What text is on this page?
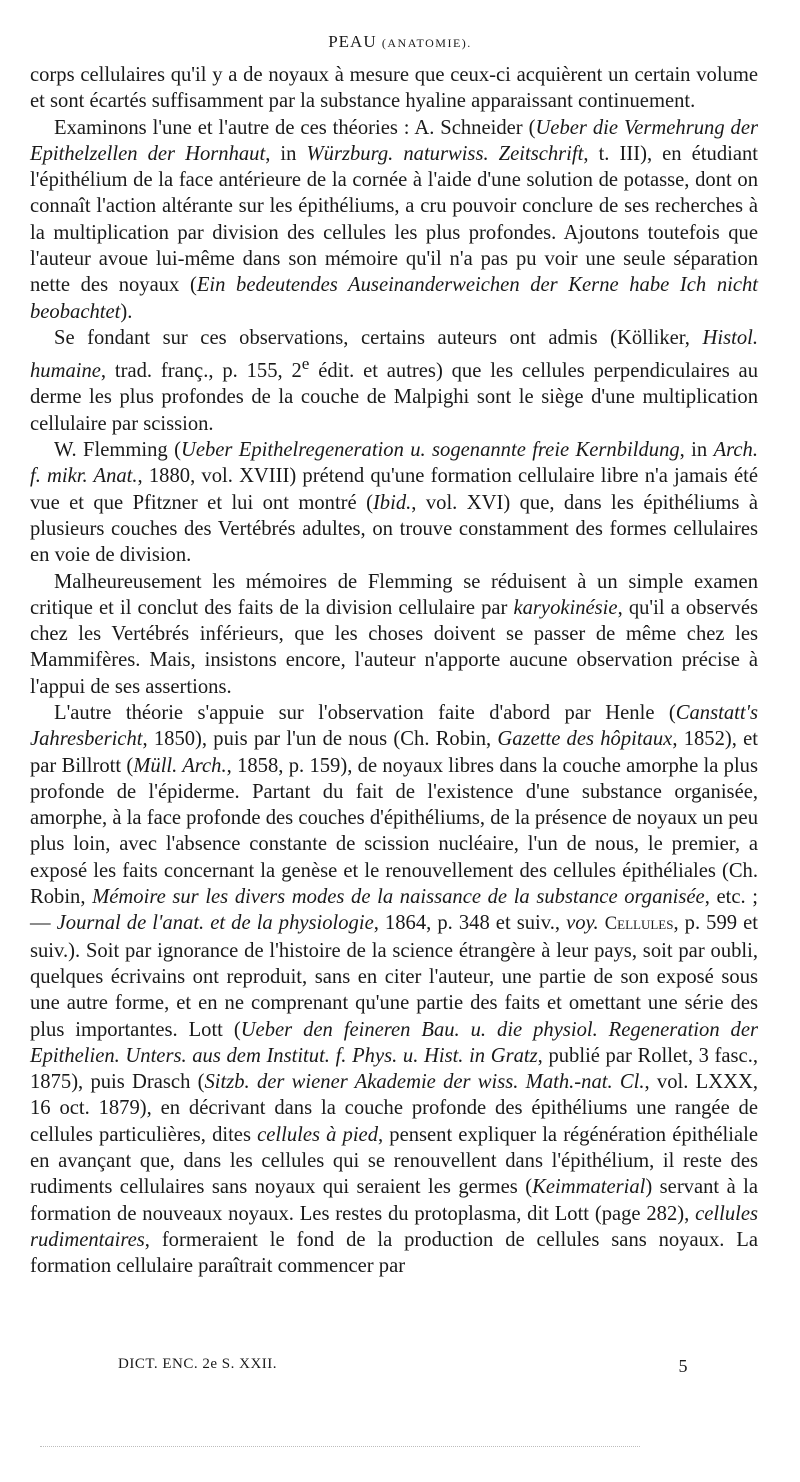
PEAU (ANATOMIE).

corps cellulaires qu'il y a de noyaux à mesure que ceux-ci acquièrent un certain volume et sont écartés suffisamment par la substance hyaline apparaissant continuement.

Examinons l'une et l'autre de ces théories : A. Schneider (Ueber die Vermehrung der Epithelzellen der Hornhaut, in Würzburg. naturwiss. Zeitschrift, t. III), en étudiant l'épithélium de la face antérieure de la cornée à l'aide d'une solution de potasse, dont on connaît l'action altérante sur les épithéliums, a cru pouvoir conclure de ses recherches à la multiplication par division des cellules les plus profondes. Ajoutons toutefois que l'auteur avoue lui-même dans son mémoire qu'il n'a pas pu voir une seule séparation nette des noyaux (Ein bedeutendes Auseinanderweichen der Kerne habe Ich nicht beobachtet).

Se fondant sur ces observations, certains auteurs ont admis (Kölliker, Histol. humaine, trad. franç., p. 155, 2e édit. et autres) que les cellules perpendiculaires au derme les plus profondes de la couche de Malpighi sont le siège d'une multiplication cellulaire par scission.

W. Flemming (Ueber Epithelregeneration u. sogenannte freie Kernbildung, in Arch. f. mikr. Anat., 1880, vol. XVIII) prétend qu'une formation cellulaire libre n'a jamais été vue et que Pfitzner et lui ont montré (Ibid., vol. XVI) que, dans les épithéliums à plusieurs couches des Vertébrés adultes, on trouve constamment des formes cellulaires en voie de division.

Malheureusement les mémoires de Flemming se réduisent à un simple examen critique et il conclut des faits de la division cellulaire par karyokinésie, qu'il a observés chez les Vertébrés inférieurs, que les choses doivent se passer de même chez les Mammifères. Mais, insistons encore, l'auteur n'apporte aucune observation précise à l'appui de ses assertions.

L'autre théorie s'appuie sur l'observation faite d'abord par Henle (Canstatt's Jahresbericht, 1850), puis par l'un de nous (Ch. Robin, Gazette des hôpitaux, 1852), et par Billrott (Müll. Arch., 1858, p. 159), de noyaux libres dans la couche amorphe la plus profonde de l'épiderme. Partant du fait de l'existence d'une substance organisée, amorphe, à la face profonde des couches d'épithéliums, de la présence de noyaux un peu plus loin, avec l'absence constante de scission nucléaire, l'un de nous, le premier, a exposé les faits concernant la genèse et le renouvellement des cellules épithéliales (Ch. Robin, Mémoire sur les divers modes de la naissance de la substance organisée, etc. ; — Journal de l'anat. et de la physiologie, 1864, p. 348 et suiv., voy. Cellules, p. 599 et suiv.). Soit par ignorance de l'histoire de la science étrangère à leur pays, soit par oubli, quelques écrivains ont reproduit, sans en citer l'auteur, une partie de son exposé sous une autre forme, et en ne comprenant qu'une partie des faits et omettant une série des plus importantes. Lott (Ueber den feineren Bau. u. die physiol. Regeneration der Epithelien. Unters. aus dem Institut. f. Phys. u. Hist. in Gratz, publié par Rollet, 3 fasc., 1875), puis Drasch (Sitzb. der wiener Akademie der wiss. Math.-nat. Cl., vol. LXXX, 16 oct. 1879), en décrivant dans la couche profonde des épithéliums une rangée de cellules particulières, dites cellules à pied, pensent expliquer la régénération épithéliale en avançant que, dans les cellules qui se renouvellent dans l'épithélium, il reste des rudiments cellulaires sans noyaux qui seraient les germes (Keimmaterial) servant à la formation de nouveaux noyaux. Les restes du protoplasma, dit Lott (page 282), cellules rudimentaires, formeraient le fond de la production de cellules sans noyaux. La formation cellulaire paraîtrait commencer par

DICT. ENC. 2e S. XXII.	5
